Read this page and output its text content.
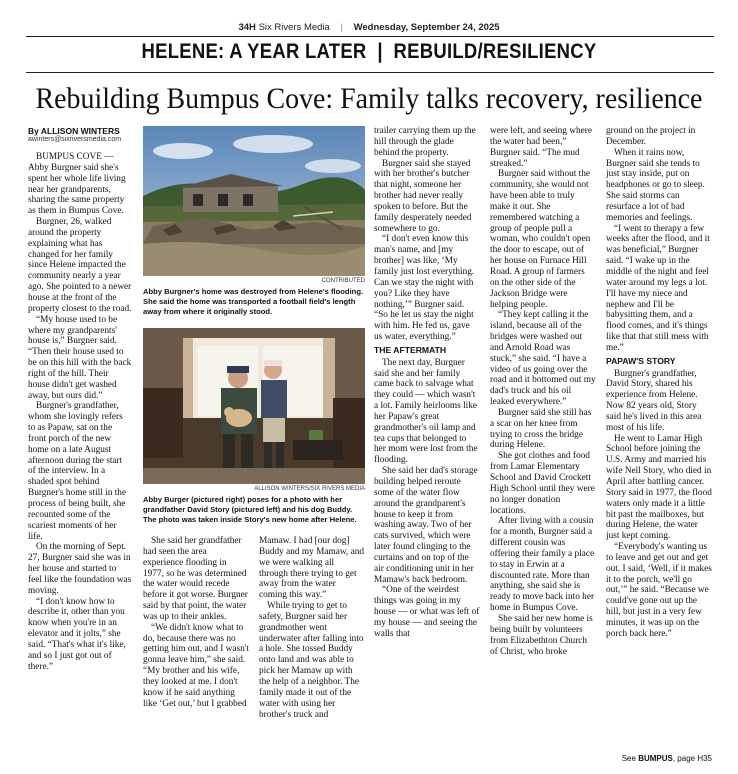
34H Six Rivers Media | Wednesday, September 24, 2025
HELENE: A YEAR LATER  |  REBUILD/RESILIENCY
Rebuilding Bumpus Cove: Family talks recovery, resilience
By ALLISON WINTERS
awinters@sixriversmedia.com

BUMPUS COVE — Abby Burgner said she's spent her whole life living near her grandparents, sharing the same property as them in Bumpus Cove.

Burgner, 26, walked around the property explaining what has changed for her family since Helene impacted the community nearly a year ago. She pointed to a newer house at the front of the property closest to the road.

“My house used to be where my grandparents' house is,” Burgner said. “Then their house used to be on this hill with the back right of the hill. Their house didn't get washed away, but ours did.”

Burgner's grandfather, whom she lovingly refers to as Papaw, sat on the front porch of the new home on a late August afternoon during the start of the interview. In a shaded spot behind Burgner's home still in the process of being built, she recounted some of the scariest moments of her life.

On the morning of Sept. 27, Burgner said she was in her house and started to feel like the foundation was moving.

“I don't know how to describe it, other than you know when you're in an elevator and it jolts,” she said. “That's what it's like, and so I just got out of there.”

CONTRIBUTED
Abby Burgner's home was destroyed from Helene's flooding. She said the home was transported a football field's length away from where it originally stood.
ALLISON WINTERS/SIX RIVERS MEDIA
Abby Burger (pictured right) poses for a photo with her grandfather David Story (pictured left) and his dog Buddy. The photo was taken inside Story's new home after Helene.

She said her grandfather had seen the area experience flooding in 1977, so he was determined the water would recede before it got worse. Burgner said by that point, the water was up to their ankles.

“We didn't know what to do, because there was no getting him out, and I wasn't gonna leave him,” she said. “My brother and his wife, they looked at me. I don't know if he said anything like ‘Get out,’ but I grabbed

Mamaw. I had [our dog] Buddy and my Mamaw, and we were walking all through there trying to get away from the water coming this way.”

While trying to get to safety, Burgner said her grandmother went underwater after falling into a hole. She tossed Buddy onto land and was able to pick her Mamaw up with the help of a neighbor. The family made it out of the water with using her brother's truck and

trailer carrying them up the hill through the glade behind the property.

Burgner said she stayed with her brother's butcher that night, someone her brother had never really spoken to before. But the family desperately needed somewhere to go.

“I don't even know this man's name, and [my brother] was like, ‘My family just lost everything. Can we stay the night with you? Like they have nothing,’” Burgner said. “So he let us stay the night with him. He fed us, gave us water, everything.”

THE AFTERMATH

The next day, Burgner said she and her family came back to salvage what they could — which wasn't a lot. Family heirlooms like her Papaw's great grandmother's oil lamp and tea cups that belonged to her mom were lost from the flooding.

She said her dad's storage building helped reroute some of the water flow around the grandparent's house to keep it from washing away. Two of her cats survived, which were later found clinging to the curtains and on top of the air conditioning unit in her Mamaw's back bedroom.

“One of the weirdest things was going in my house — or what was left of my house — and seeing the walls that

were left, and seeing where the water had been,” Burgner said. “The mud streaked.”

Burgner said without the community, she would not have been able to truly make it out. She remembered watching a group of people pull a woman, who couldn't open the door to escape, out of her house on Furnace Hill Road. A group of farmers on the other side of the Jackson Bridge were helping people.

“They kept calling it the island, because all of the bridges were washed out and Arnold Road was stuck,” she said. “I have a video of us going over the road and it bottomed out my dad's truck and his oil leaked everywhere.”

Burgner said she still has a scar on her knee from trying to cross the bridge during Helene.

She got clothes and food from Lamar Elementary School and David Crockett High School until they were no longer donation locations.

After living with a cousin for a month, Burgner said a different cousin was offering their family a place to stay in Erwin at a discounted rate. More than anything, she said she is ready to move back into her home in Bumpus Cove.

She said her new home is being built by volunteers from Elizabethton Church of Christ, who broke

ground on the project in December.

When it rains now, Burgner said she tends to just stay inside, put on headphones or go to sleep. She said storms can resurface a lot of bad memories and feelings.

“I went to therapy a few weeks after the flood, and it was beneficial,” Burgner said. “I wake up in the middle of the night and feel water around my legs a lot. I'll have my niece and nephew and I'll be babysitting them, and a flood comes, and it's things like that that still mess with me.”

PAPAW'S STORY

Burgner's grandfather, David Story, shared his experience from Helene. Now 82 years old, Story said he's lived in this area most of his life.

He went to Lamar High School before joining the U.S. Army and married his wife Nell Story, who died in April after battling cancer. Story said in 1977, the flood waters only made it a little bit past the mailboxes, but during Helene, the water just kept coming.

“Everybody's wanting us to leave and get out and get out. I said, ‘Well, if it makes it to the porch, we'll go out,’” he said. “Because we could've gone out up the hill, but just in a very few minutes, it was up on the porch back here.”

See BUMPUS, page H35
